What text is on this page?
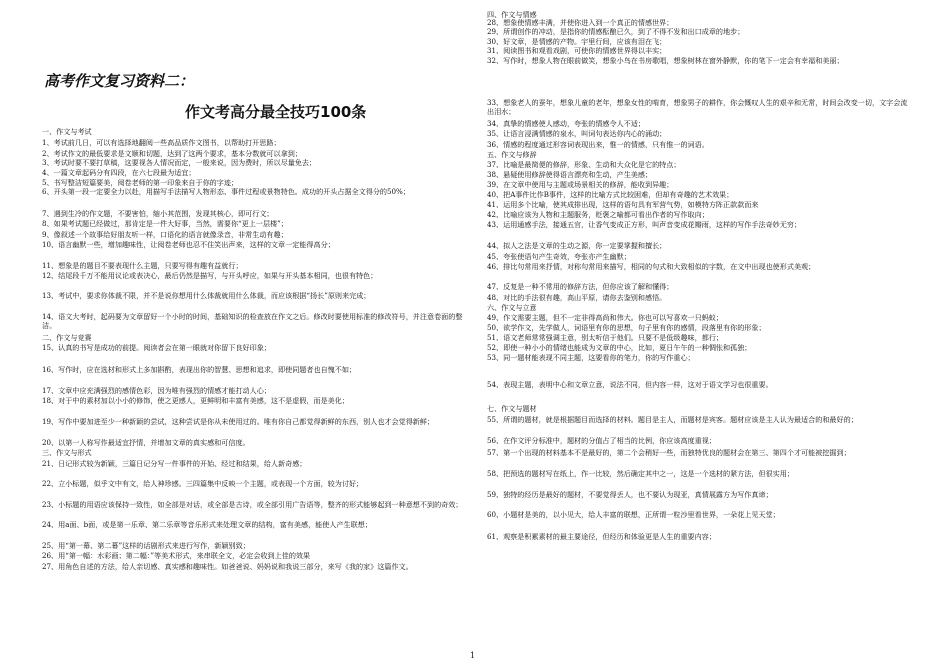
高考作文复习资料二：
作文考高分最全技巧100条
一、作文与考试
1、考试前几日，可以有选择地翻阅一些高品质作文图书，以帮助打开思路；
2、考试作文的最低要求是文顺和切题，达到了这两个要求，基本分数就可以拿到；
3、考试时要不要打草稿，这要视各人情况而定，一般来说，因为费时，所以尽量免去；
4、一篇文章起码分有四段，在六七段最为适宜；
5、书写整洁短篇要美，阅卷老师的第一印象来自于你的字迹；
6、开头第一段一定要全力以赴，用描写手法描写人物形态、事件过程或景物特色。成功的开头占据全文得分的50%；
7、遇到生冷的作文题，不要害怕，缩小其范围，发现其核心，即可行文；
8、如果考试题已经做过，那肯定是一件大好事，当然，需要你“更上一层楼”；
9、像叙述一个故事给好朋友听一样，口语化的语言就像录音，非常生动有趣；
10、语言幽默一些，增加趣味性，让阅卷老师也忍不住笑出声来，这样的文章一定能得高分；
11、想象是的题目不要表现什么主题，只要写得有趣有益就行；
12、结尾段千万不能用议论或表决心，最后仍然是描写，与开头呼应，如果与开头基本相同，也很有特色；
13、考试中，要求你体裁不限，并不是说你想用什么体裁就用什么体裁，而应该根据“扬长”原则来完成；
14、语文大考时，起码要为文章留好一个小时的时间，基础知识的检查放在作文之后。修改时要使用标准的修改符号，并注意卷面的整洁。
二、作文与竞赛
15、认真的书写是成功的前提。阅读者会在第一眼就对你留下良好印象；
16、写作时，应在选材和形式上多加斟酌，表现出你的智慧、思想和追求，即使同题者也自愧不如；
17、文章中应充满强烈的感情色彩，因为唯有强烈的情感才能打动人心；
18、对于中的素材加以小小的修饰，使之更感人，更鲜明和丰富有美感，这不是虚假，而是美化；
19、写作中要加进至少一种新颖的尝试，这种尝试是你从未使用过的。唯有你自己都觉得新鲜的东西，别人也才会觉得新鲜；
20、以第一人称写作最适宜抒情，并增加文章的真实感和可信度。
三、作文与形式
21、日记形式较为新颖，三篇日记分写一件事件的开始、经过和结果，给人新奇感；
22、立小标题，似乎文中有文，给人神珍感。三四篇集中反映一个主题，或表现一个方面，较为讨好；
23、小标题的用语应该保持一致性，如全部是对话，或全部是古诗，或全部引用广告语等，整齐的形式能够起到一种意想不到的奇效；
24、用a面、b面，或是第一乐章、第二乐章等音乐形式来处理文章的结构，富有美感，能使人产生联想；
25、用“第一幕、第二幕”这样的话剧形式来进行写作，新颖别致；
26、用“第一幅：水彩画；第二幅：”等美术形式，来串联全文，必定会收到上佳的效果
27、用角色自述的方法，给人亲切感、真实感和趣味性。如爸爸说、妈妈说和我说三部分，来写《我的家》这篇作文。
四、作文与情感
28、想象使情感丰满，并使你进入到一个真正的情感世界；
29、所谓创作的冲动，是指你的情感酝酿已久，到了不得不发和出口成章的地步；
30、好文章，是情感的产物。宇里行间，应该有泪在飞；
31、阅读图书和观看戏剧，可使你的情感世界得以丰实；
32、写作时，想象人物在眼前做笑，想象小鸟在书房歌唱，想象树林在窗外静默，你的笔下一定会有幸福和美丽；
33、想象老人的蚕年，想象儿童的老年，想象女性的啃育，想象男子的耕作，你会慨叹人生的艰辛和无常，时间会改变一切，文字会流出泪水；
34、真挚的情感使人感动，夸张的情感令人不适；
35、让语言浸满情感的泉水，叫词句表达你内心的涌动；
36、情感的程度通过形容词表现出来，惟一的情感，只有惟一的词语。
五、作文与修辞
37、比喻是最简便的修辞，形象、生动和大众化是它的特点；
38、悬疑使用修辞使得语言漂亮和生动，产生美感；
39、在文章中使用与主题或场景相关的修辞，能收到异趣；
40、把A事件比作B事件，这样的比喻方式比较困难，但却有奇趣的艺术效果；
41、运用多个比喻，使其成排出现，这样的语句具有军营气势，如模特方阵正款款而来
42、比喻应该为人物和主题服务，贬褒之喻都可看出作者的写作取向；
43、运用通感手法，接通五官，让香气变成正方形，叫声音变成花瓣雨，这样的写作手法奇妙无穷；
44、拟人之法是文章的生动之源，你一定要掌握和擅长；
45、夸张使语句产生奇效，夸张亦产生幽默；
46、排比句常用来抒情，对称句常用来描写，相同的句式和大致相似的字数，在文中出现也使形式美观；
47、反复是一种不常用的修辞方法，但你应该了解和懂得；
48、对比的手法很有趣，高山平原，请你去鉴别和感悟。
六、作文与立意
49、作文需要主题，但不一定非得高尚和伟大。你也可以写喜欢一只蚂蚁；
50、欲学作文，先学做人，词语里有你的思想，句子里有你的感情，段落里有你的形象；
51、语文老师常常强调主意，别太听信于他们。只要不是低级趣味，都行；
52、即使一种小小的情绪也能成为文章的中心，比如，夏日午午的一种惆怅和孤独；
53、同一题材能表现不同主题，这要看你的笔力，你的写作重心；
54、表现主题，表明中心和文章立意，说法不同，但内容一样，这对于语文学习也很重要。
七、作文与题材
55、所谓的题材，就是根据题目而选择的材料。题目是主人，而题材是宾客。题材应该是主人认为最适合的和最好的；
56、在作文评分标准中，题材的分值占了相当的比例，你应该高度重视；
57、第一个出现的材料基本不是最好的，第二个会稍好一些，而独特优良的题材会在第三、第四个才可能被挖掘到；
58、把预选的题材写在纸上，作一比较，然后确定其中之一，这是一个选材的紧方法，但很实用；
59、独特的经历是最好的题材，不要觉得丢人，也不要认为现亚，真情展露方为写作真谛；
60、小题材是美的，以小见大，给人丰富的联想，正所谓一粒沙里看世界，一朵花上见天堂；
61、观察是积累素材的最主要途径，但经历和体验更是人生的重要内容；
1
